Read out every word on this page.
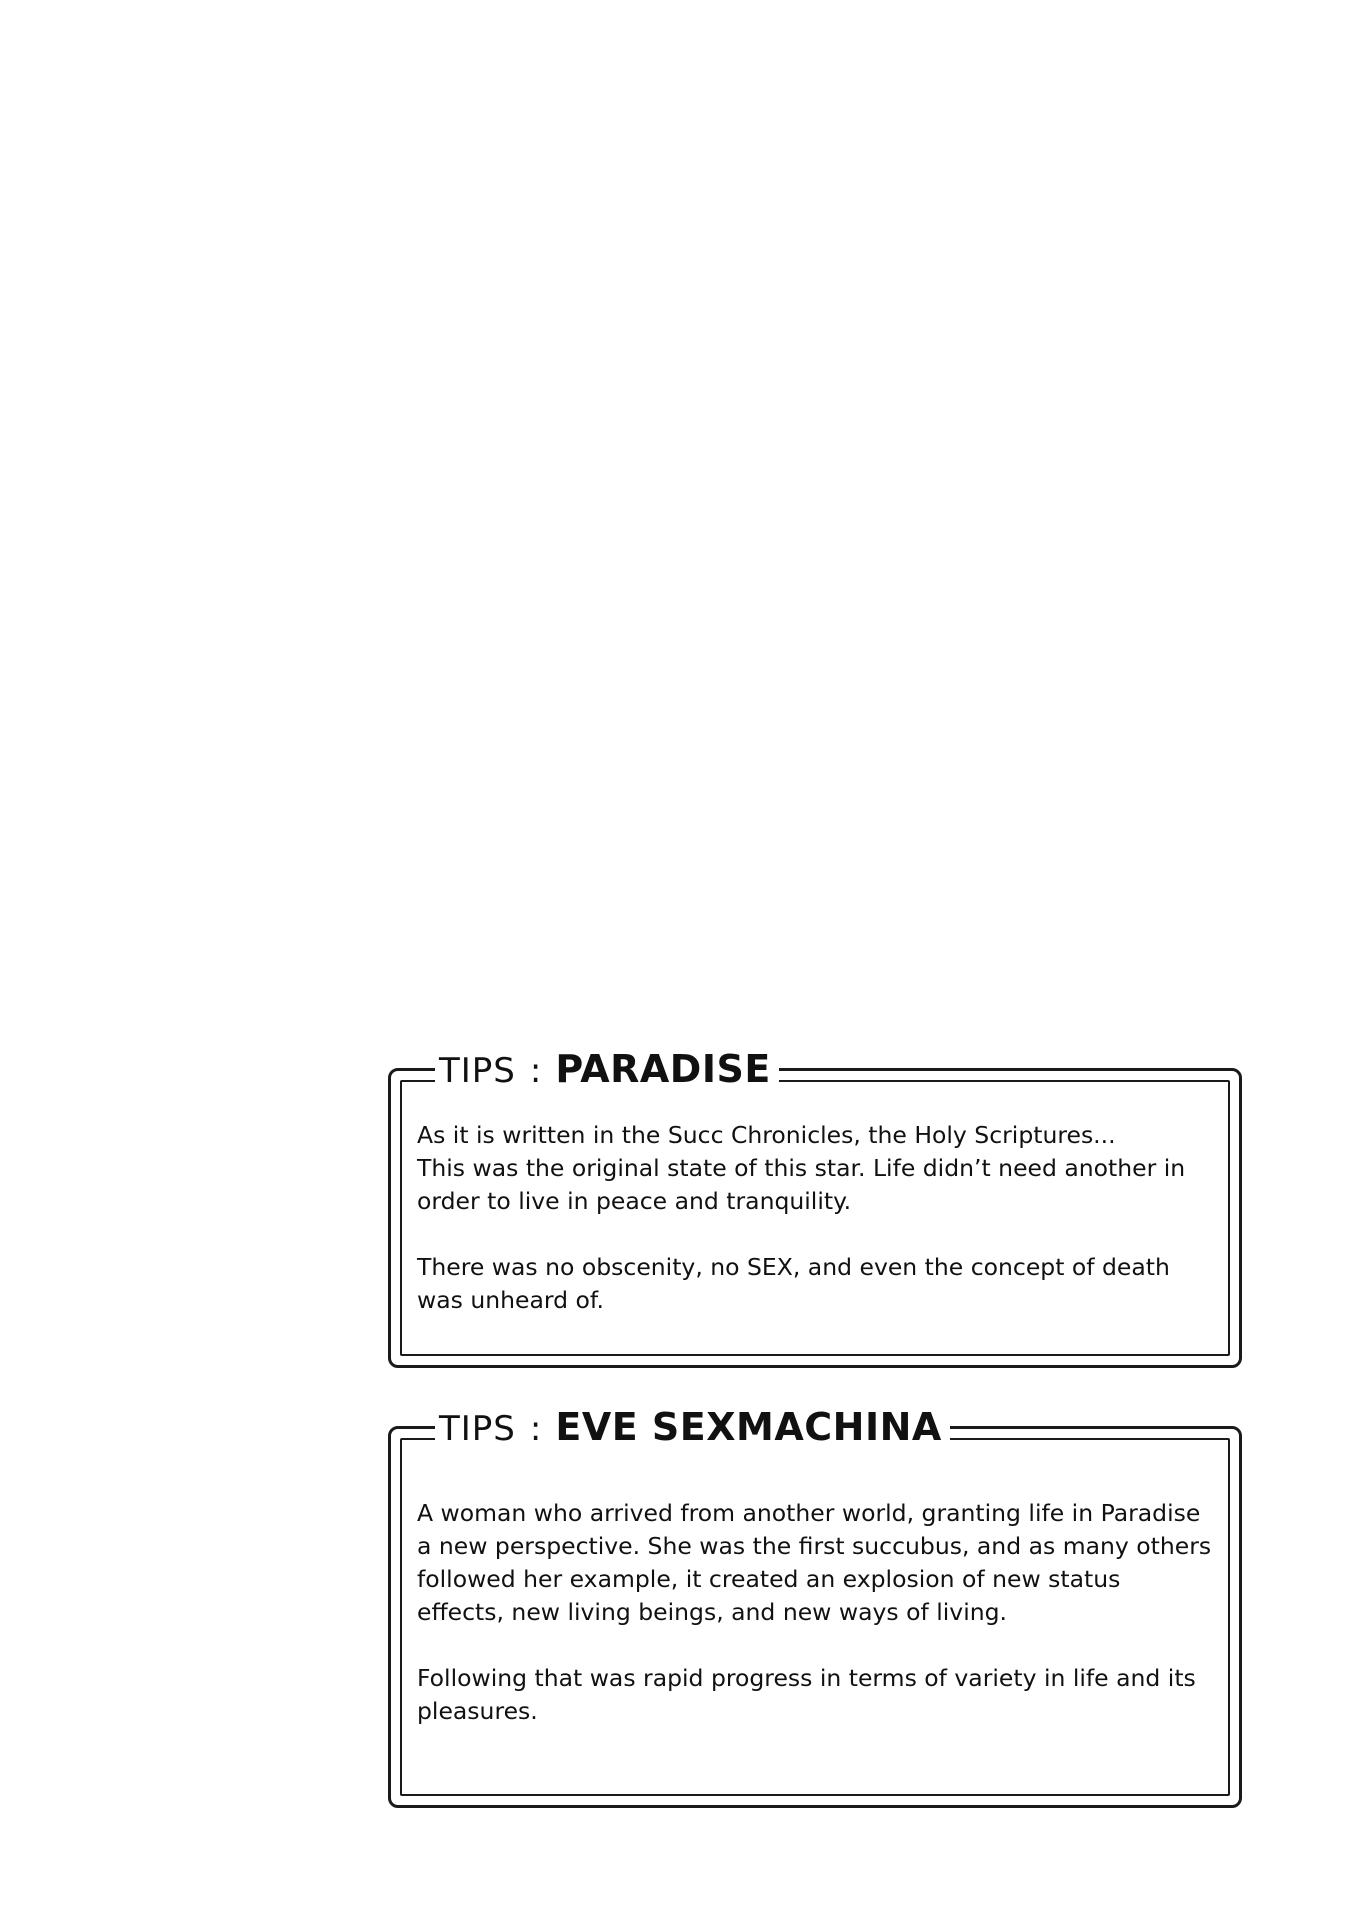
TIPS : PARADISE

As it is written in the Succ Chronicles, the Holy Scriptures...
This was the original state of this star. Life didn’t need another in order to live in peace and tranquility.

There was no obscenity, no SEX, and even the concept of death was unheard of.

TIPS : EVE SEXMACHINA

A woman who arrived from another world, granting life in Paradise a new perspective. She was the first succubus, and as many others followed her example, it created an explosion of new status effects, new living beings, and new ways of living.

Following that was rapid progress in terms of variety in life and its pleasures.
